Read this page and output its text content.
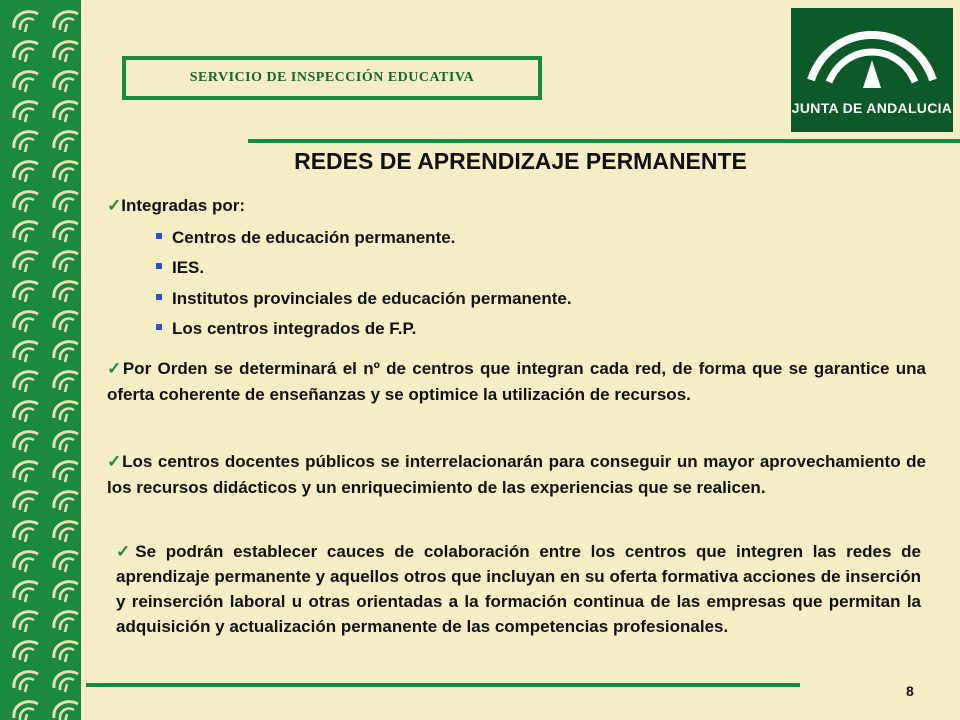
SERVICIO DE INSPECCIÓN EDUCATIVA
JUNTA DE ANDALUCIA
REDES DE APRENDIZAJE PERMANENTE
✓Integradas por:
Centros de educación permanente.
IES.
Institutos provinciales de educación permanente.
Los centros integrados de F.P.
✓Por Orden se determinará el nº de centros que integran cada red, de forma que se garantice una oferta coherente de enseñanzas y se optimice la utilización de recursos.
✓Los centros docentes públicos se interrelacionarán para conseguir un mayor aprovechamiento de los recursos didácticos y un enriquecimiento de las experiencias que se realicen.
✓Se podrán establecer cauces de colaboración entre los centros que integren las redes de aprendizaje permanente y aquellos otros que incluyan en su oferta formativa acciones de inserción y reinserción laboral u otras orientadas a la formación continua de las empresas que permitan la adquisición y actualización permanente de las competencias profesionales.
8
